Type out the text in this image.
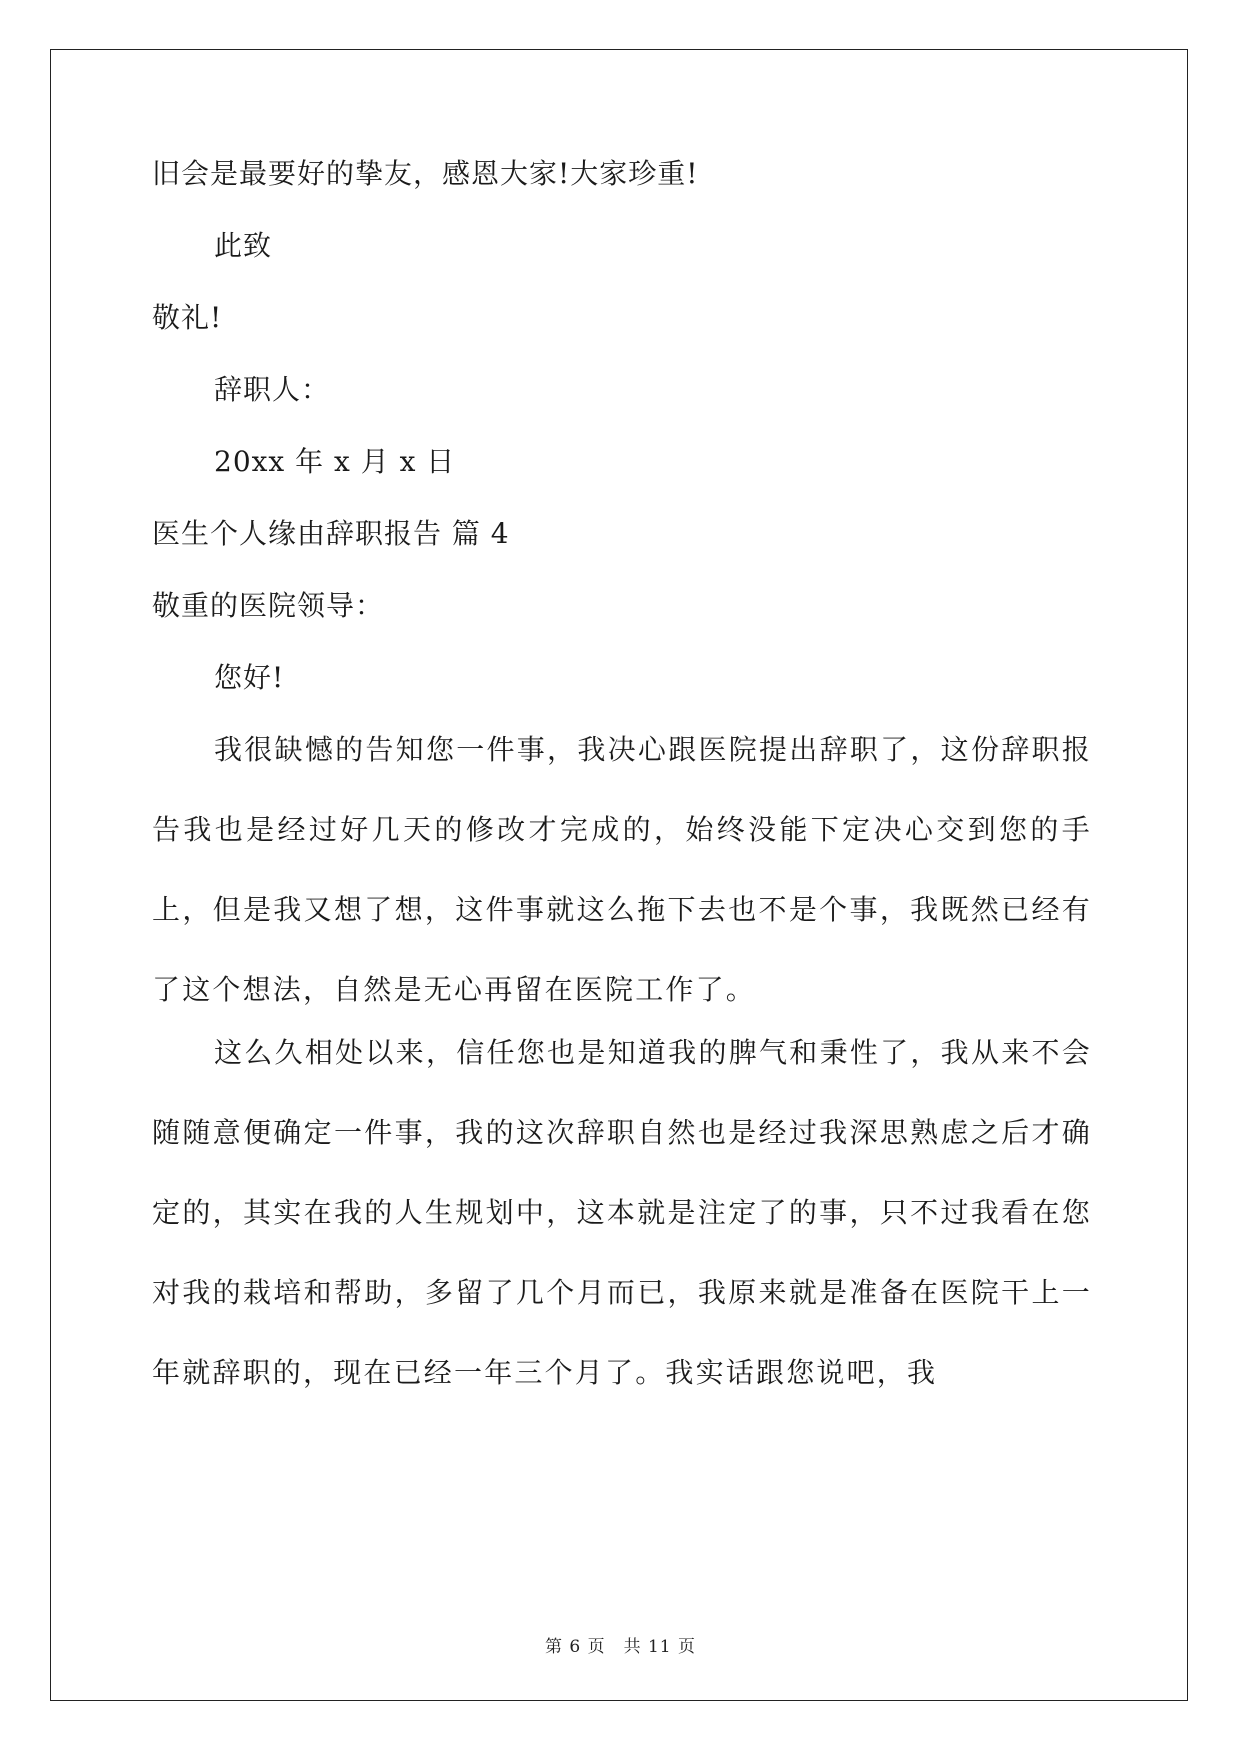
旧会是最要好的挚友，感恩大家!大家珍重!
此致
敬礼!
辞职人：
20xx 年 x 月 x 日
医生个人缘由辞职报告 篇 4
敬重的医院领导：
您好!

我很缺憾的告知您一件事，我决心跟医院提出辞职了，这份辞职报告我也是经过好几天的修改才完成的，始终没能下定决心交到您的手上，但是我又想了想，这件事就这么拖下去也不是个事，我既然已经有了这个想法，自然是无心再留在医院工作了。

这么久相处以来，信任您也是知道我的脾气和秉性了，我从来不会随随意便确定一件事，我的这次辞职自然也是经过我深思熟虑之后才确定的，其实在我的人生规划中，这本就是注定了的事，只不过我看在您对我的栽培和帮助，多留了几个月而已，我原来就是准备在医院干上一年就辞职的，现在已经一年三个月了。我实话跟您说吧，我

第 6 页　共 11 页
